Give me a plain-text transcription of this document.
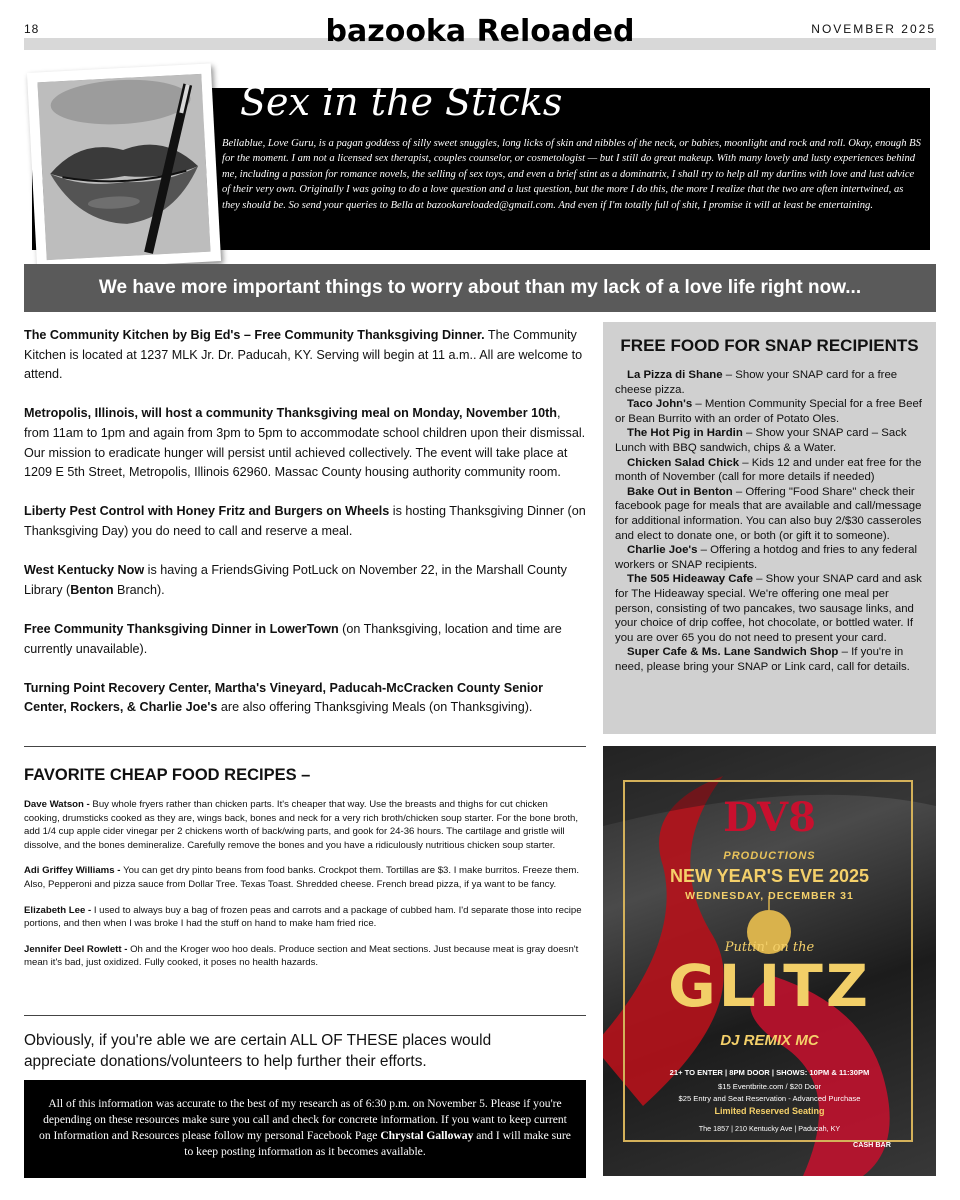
18	NOVEMBER 2025
bazooka Reloaded
Sex in the Sticks
Bellablue, Love Guru, is a pagan goddess of silly sweet snuggles, long licks of skin and nibbles of the neck, or babies, moonlight and rock and roll. Okay, enough BS for the moment. I am not a licensed sex therapist, couples counselor, or cosmetologist — but I still do great makeup. With many lovely and lusty experiences behind me, including a passion for romance novels, the selling of sex toys, and even a brief stint as a dominatrix, I shall try to help all my darlins with love and lust advice of their very own. Originally I was going to do a love question and a lust question, but the more I do this, the more I realize that the two are often intertwined, as they should be. So send your queries to Bella at bazookareloaded@gmail.com. And even if I'm totally full of shit, I promise it will at least be entertaining.
We have more important things to worry about than my lack of a love life right now...

The Community Kitchen by Big Ed's – Free Community Thanksgiving Dinner. The Community Kitchen is located at 1237 MLK Jr. Dr. Paducah, KY. Serving will begin at 11 a.m.. All are welcome to attend.

Metropolis, Illinois, will host a community Thanksgiving meal on Monday, November 10th, from 11am to 1pm and again from 3pm to 5pm to accommodate school children upon their dismissal. Our mission to eradicate hunger will persist until achieved collectively. The event will take place at 1209 E 5th Street, Metropolis, Illinois 62960. Massac County housing authority community room.

Liberty Pest Control with Honey Fritz and Burgers on Wheels is hosting Thanksgiving Dinner (on Thanksgiving Day) you do need to call and reserve a meal.

West Kentucky Now is having a FriendsGiving PotLuck on November 22, in the Marshall County Library (Benton Branch).

Free Community Thanksgiving Dinner in LowerTown (on Thanksgiving, location and time are currently unavailable).

Turning Point Recovery Center, Martha's Vineyard, Paducah-McCracken County Senior Center, Rockers, & Charlie Joe's are also offering Thanksgiving Meals (on Thanksgiving).

FAVORITE CHEAP FOOD RECIPES –

Dave Watson - Buy whole fryers rather than chicken parts. It's cheaper that way. Use the breasts and thighs for cut chicken cooking, drumsticks cooked as they are, wings back, bones and neck for a very rich broth/chicken soup starter. For the bone broth, add 1/4 cup apple cider vinegar per 2 chickens worth of back/wing parts, and gook for 24-36 hours. The cartilage and gristle will dissolve, and the bones demineralize. Carefully remove the bones and you have a ridiculously nutritious chicken soup starter.

Adi Griffey Williams - You can get dry pinto beans from food banks. Crockpot them. Tortillas are $3. I make burritos. Freeze them. Also, Pepperoni and pizza sauce from Dollar Tree. Texas Toast. Shredded cheese. French bread pizza, if ya want to be fancy.

Elizabeth Lee - I used to always buy a bag of frozen peas and carrots and a package of cubbed ham. I'd separate those into recipe portions, and then when I was broke I had the stuff on hand to make ham fried rice.

Jennifer Deel Rowlett - Oh and the Kroger woo hoo deals. Produce section and Meat sections. Just because meat is gray doesn't mean it's bad, just oxidized. Fully cooked, it poses no health hazards.

Obviously, if you're able we are certain ALL OF THESE places would appreciate donations/volunteers to help further their efforts.
All of this information was accurate to the best of my research as of 6:30 p.m. on November 5. Please if you're depending on these resources make sure you call and check for concrete information. If you want to keep current on Information and Resources please follow my personal Facebook Page Chrystal Galloway and I will make sure to keep posting information as it becomes available.
FREE FOOD FOR SNAP RECIPIENTS

La Pizza di Shane – Show your SNAP card for a free cheese pizza.

Taco John's – Mention Community Special for a free Beef or Bean Burrito with an order of Potato Oles.

The Hot Pig in Hardin – Show your SNAP card – Sack Lunch with BBQ sandwich, chips & a Water.

Chicken Salad Chick – Kids 12 and under eat free for the month of November (call for more details if needed)

Bake Out in Benton – Offering "Food Share" check their facebook page for meals that are available and call/message for additional information. You can also buy 2/$30 casseroles and elect to donate one, or both (or gift it to someone).

Charlie Joe's – Offering a hotdog and fries to any federal workers or SNAP recipients.

The 505 Hideaway Cafe – Show your SNAP card and ask for The Hideaway special. We're offering one meal per person, consisting of two pancakes, two sausage links, and your choice of drip coffee, hot chocolate, or bottled water. If you are over 65 you do not need to present your card.

Super Cafe & Ms. Lane Sandwich Shop – If you're in need, please bring your SNAP or Link card, call for details.

DV8
PRODUCTIONS
NEW YEAR'S EVE 2025
WEDNESDAY, DECEMBER 31
Puttin' on the
GLITZ
DJ REMIX MC
21+ TO ENTER | 8PM DOOR | SHOWS: 10PM & 11:30PM
$15 Eventbrite.com / $20 Door
$25 Entry and Seat Reservation - Advanced Purchase
Limited Reserved Seating
The 1857 | 210 Kentucky Ave | Paducah, KY
CASH BAR
